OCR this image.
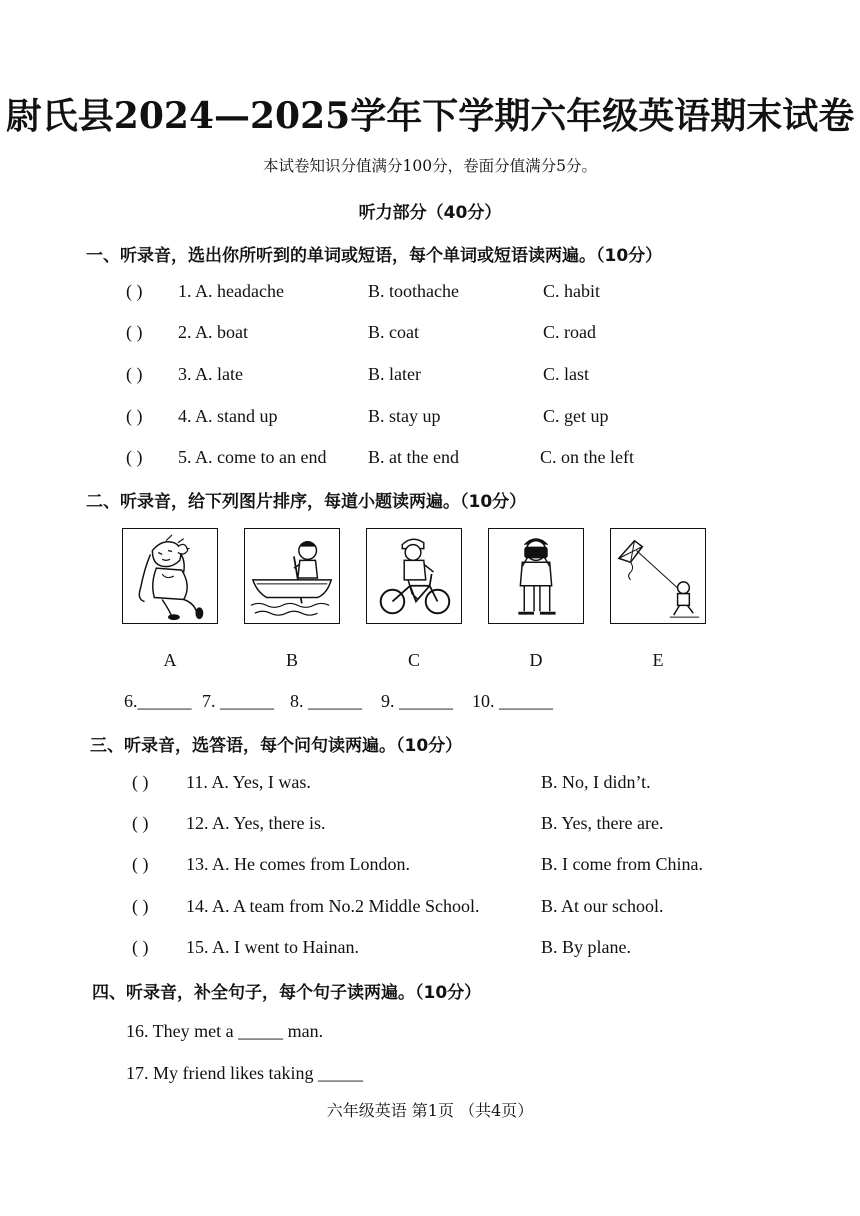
尉氏县2024—2025学年下学期六年级英语期末试卷
本试卷知识分值满分100分，卷面分值满分5分。
听力部分（40分）
一、听录音，选出你所听到的单词或短语，每个单词或短语读两遍。（10分）
( ) 1. A. headache	B. toothache	C. habit
( ) 2. A. boat	B. coat	C. road
( ) 3. A. late	B. later	C. last
( ) 4. A. stand up	B. stay up	C. get up
( ) 5. A. come to an end B. at the end	C. on the left
二、听录音，给下列图片排序，每道小题读两遍。（10分）
A	B	C	D	E
6.______ 7. ______ 8. ______ 9. ______ 10. ______
三、听录音，选答语，每个问句读两遍。（10分）
( ) 11. A. Yes, I was.	B. No, I didn’t.
( ) 12. A. Yes, there is.	B. Yes, there are.
( ) 13. A. He comes from London.	B. I come from China.
( ) 14. A. A team from No.2 Middle School.	B. At our school.
( ) 15. A. I went to Hainan.	B. By plane.
四、听录音，补全句子，每个句子读两遍。（10分）
16. They met a _____ man.
17. My friend likes taking _____
六年级英语 第1页 （共4页）
